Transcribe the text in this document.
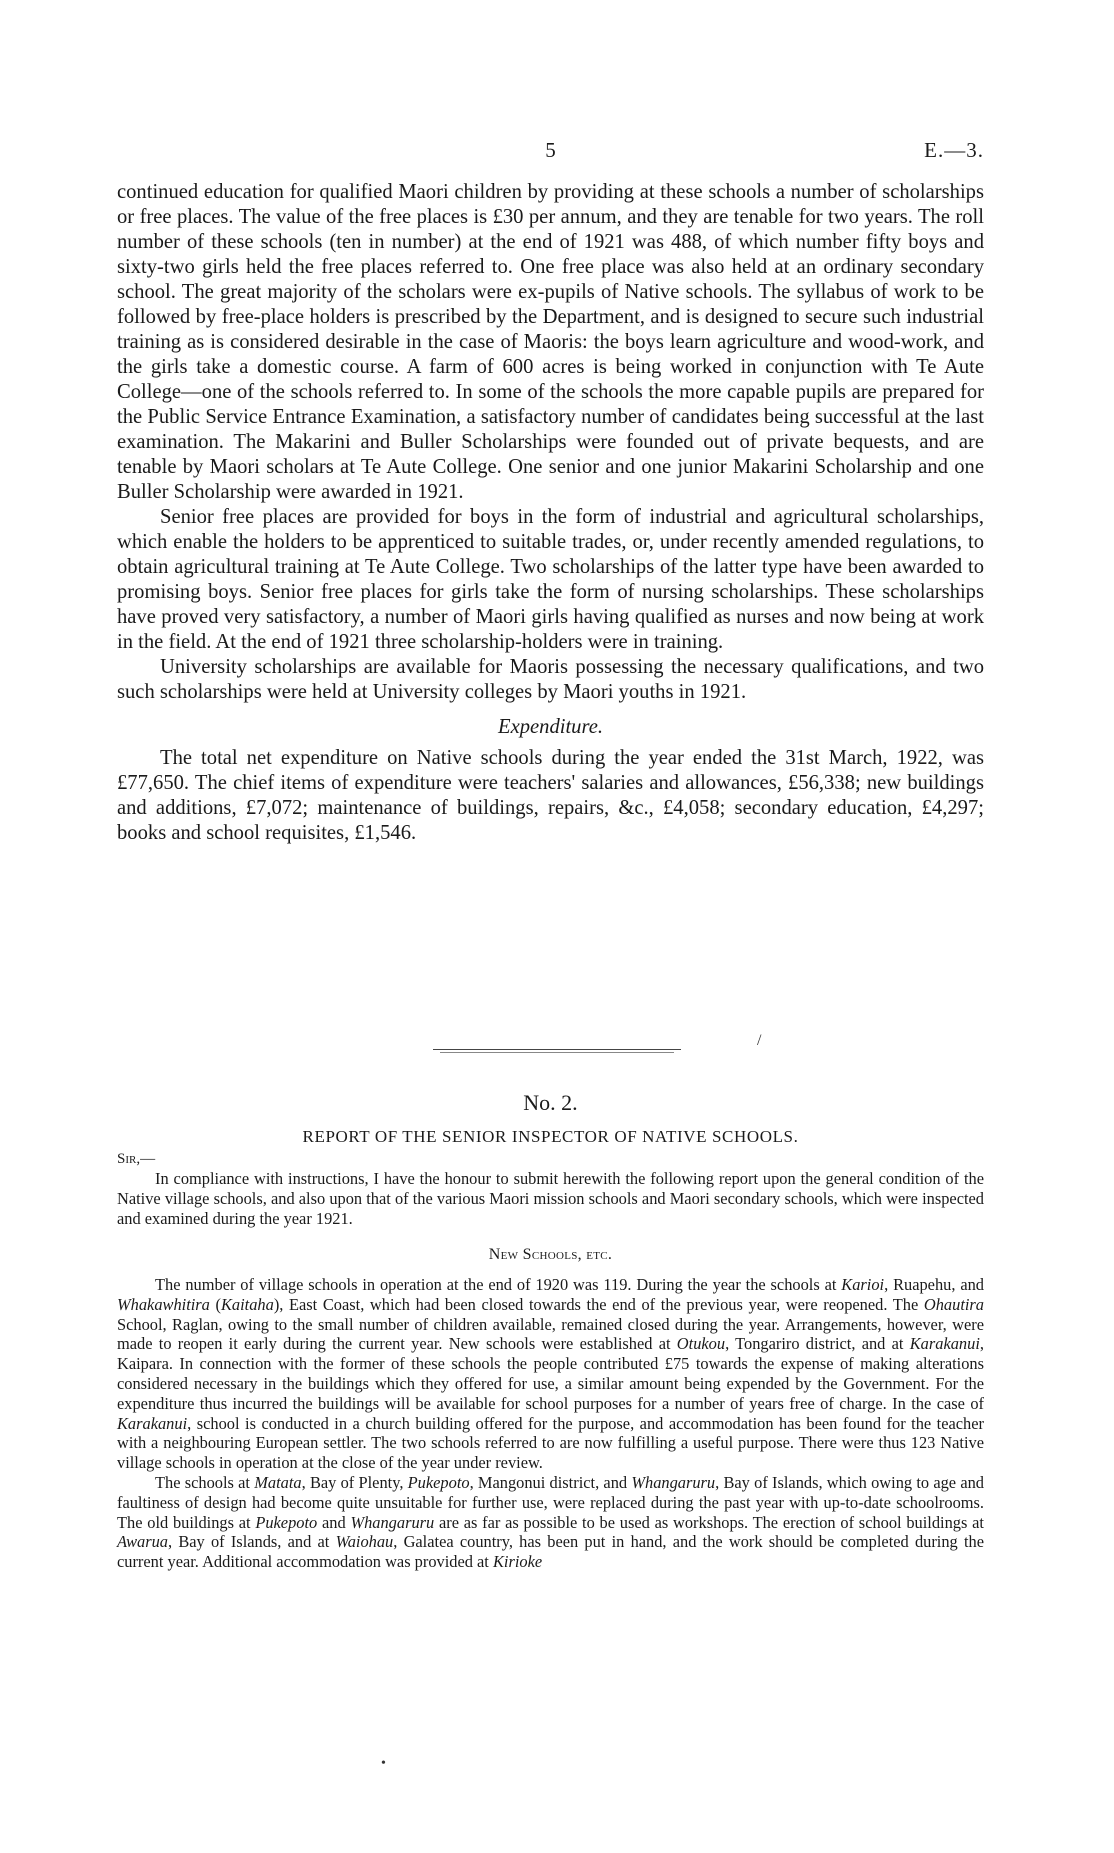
5	E.—3.

continued education for qualified Maori children by providing at these schools a number of scholarships or free places. The value of the free places is £30 per annum, and they are tenable for two years. The roll number of these schools (ten in number) at the end of 1921 was 488, of which number fifty boys and sixty-two girls held the free places referred to. One free place was also held at an ordinary secondary school. The great majority of the scholars were ex-pupils of Native schools. The syllabus of work to be followed by free-place holders is prescribed by the Department, and is designed to secure such industrial training as is considered desirable in the case of Maoris: the boys learn agriculture and wood-work, and the girls take a domestic course. A farm of 600 acres is being worked in conjunction with Te Aute College—one of the schools referred to. In some of the schools the more capable pupils are prepared for the Public Service Entrance Examination, a satisfactory number of candidates being successful at the last examination. The Makarini and Buller Scholarships were founded out of private bequests, and are tenable by Maori scholars at Te Aute College. One senior and one junior Makarini Scholarship and one Buller Scholarship were awarded in 1921.

Senior free places are provided for boys in the form of industrial and agricultural scholarships, which enable the holders to be apprenticed to suitable trades, or, under recently amended regulations, to obtain agricultural training at Te Aute College. Two scholarships of the latter type have been awarded to promising boys. Senior free places for girls take the form of nursing scholarships. These scholarships have proved very satisfactory, a number of Maori girls having qualified as nurses and now being at work in the field. At the end of 1921 three scholarship-holders were in training.

University scholarships are available for Maoris possessing the necessary qualifications, and two such scholarships were held at University colleges by Maori youths in 1921.

Expenditure.

The total net expenditure on Native schools during the year ended the 31st March, 1922, was £77,650. The chief items of expenditure were teachers' salaries and allowances, £56,338; new buildings and additions, £7,072; maintenance of buildings, repairs, &c., £4,058; secondary education, £4,297; books and school requisites, £1,546.

/
No. 2.
REPORT OF THE SENIOR INSPECTOR OF NATIVE SCHOOLS.
Sir,—

In compliance with instructions, I have the honour to submit herewith the following report upon the general condition of the Native village schools, and also upon that of the various Maori mission schools and Maori secondary schools, which were inspected and examined during the year 1921.

New Schools, etc.

The number of village schools in operation at the end of 1920 was 119. During the year the schools at Karioi, Ruapehu, and Whakawhitira (Kaitaha), East Coast, which had been closed towards the end of the previous year, were reopened. The Ohautira School, Raglan, owing to the small number of children available, remained closed during the year. Arrangements, however, were made to reopen it early during the current year. New schools were established at Otukou, Tongariro district, and at Karakanui, Kaipara. In connection with the former of these schools the people contributed £75 towards the expense of making alterations considered necessary in the buildings which they offered for use, a similar amount being expended by the Government. For the expenditure thus incurred the buildings will be available for school purposes for a number of years free of charge. In the case of Karakanui, school is conducted in a church building offered for the purpose, and accommodation has been found for the teacher with a neighbouring European settler. The two schools referred to are now fulfilling a useful purpose. There were thus 123 Native village schools in operation at the close of the year under review.

The schools at Matata, Bay of Plenty, Pukepoto, Mangonui district, and Whangaruru, Bay of Islands, which owing to age and faultiness of design had become quite unsuitable for further use, were replaced during the past year with up-to-date schoolrooms. The old buildings at Pukepoto and Whangaruru are as far as possible to be used as workshops. The erection of school buildings at Awarua, Bay of Islands, and at Waiohau, Galatea country, has been put in hand, and the work should be completed during the current year. Additional accommodation was provided at Kirioke

•
